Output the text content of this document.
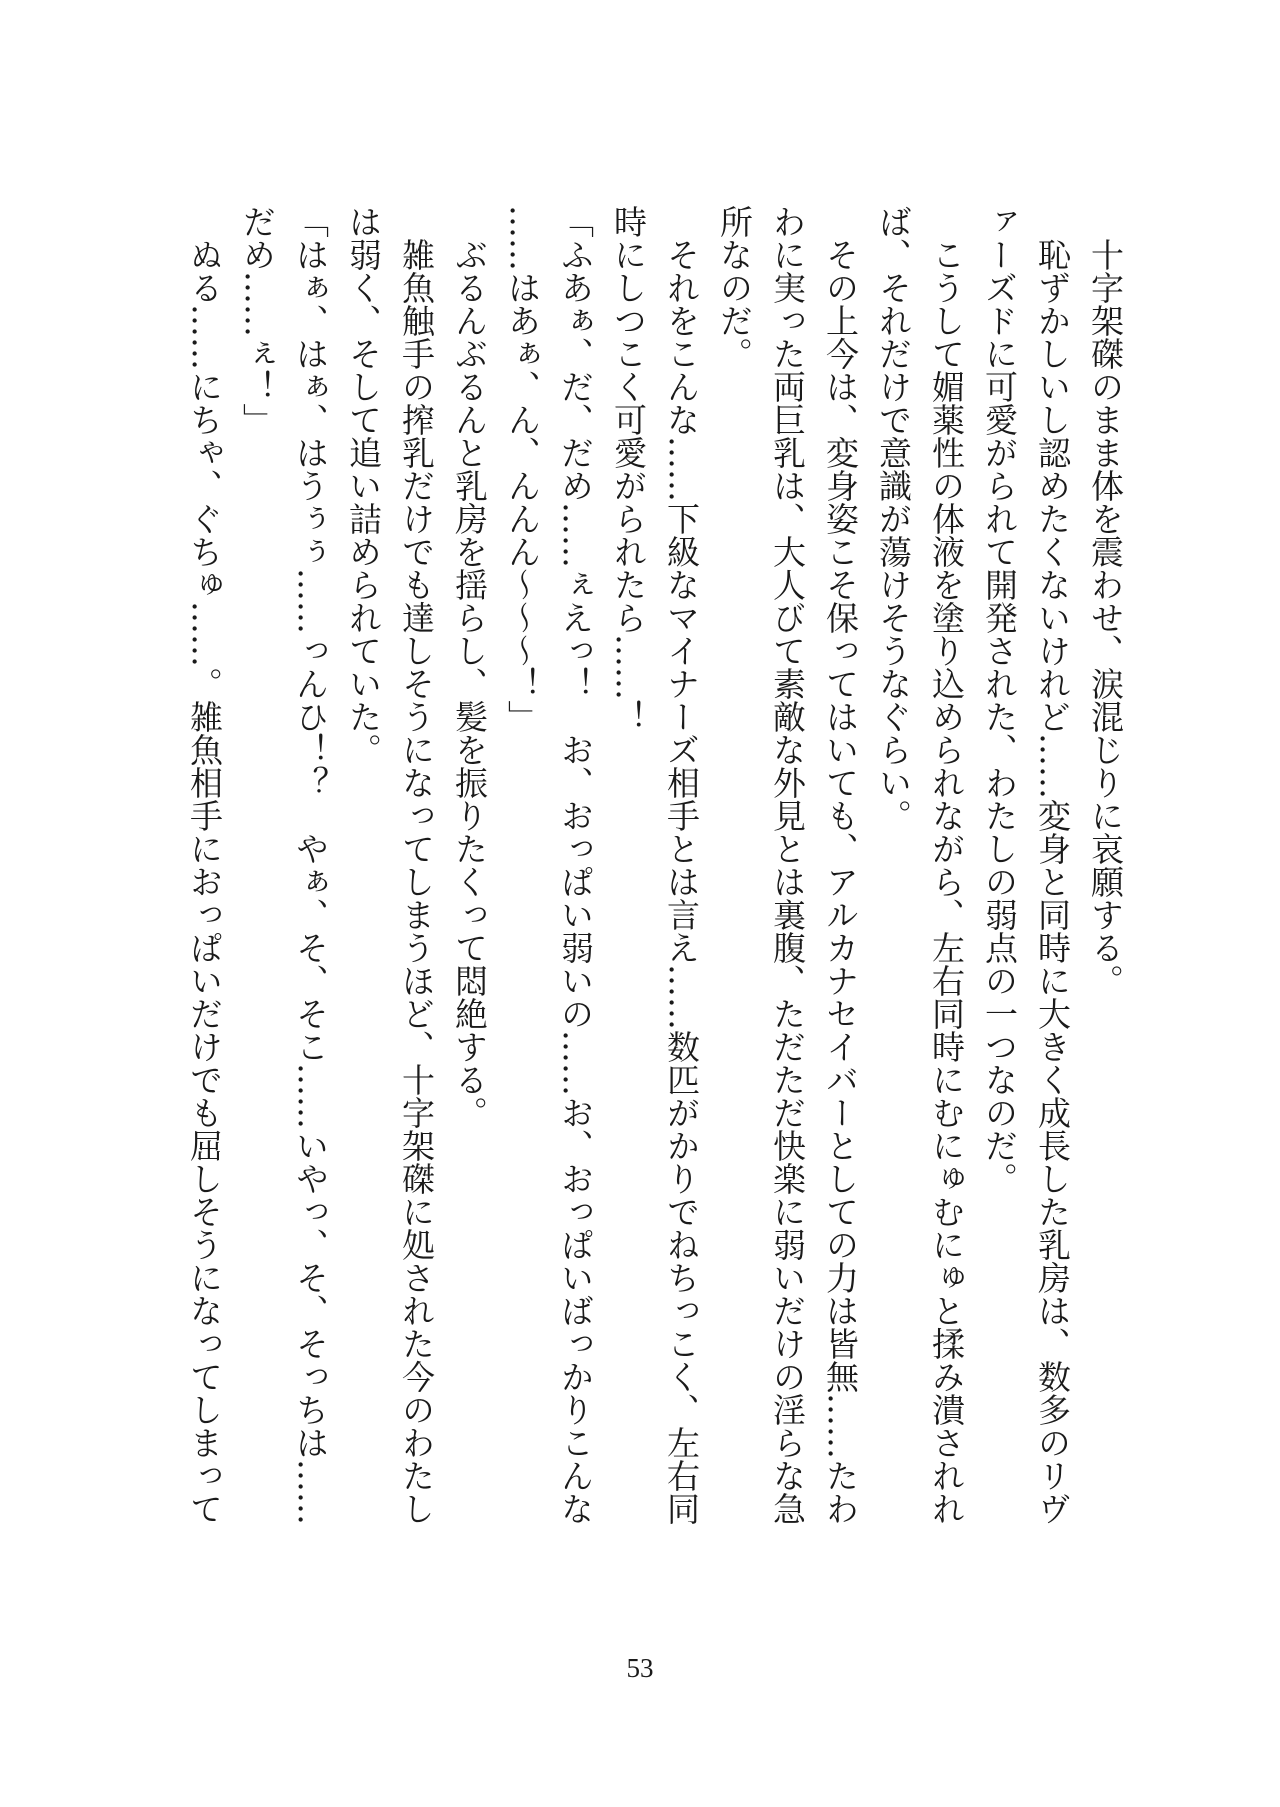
　十字架磔のまま体を震わせ、涙混じりに哀願する。

　恥ずかしいし認めたくないけれど……変身と同時に大きく成長した乳房は、数多のリヴ

ァーズドに可愛がられて開発された、わたしの弱点の一つなのだ。

　こうして媚薬性の体液を塗り込められながら、左右同時にむにゅむにゅと揉み潰されれ

ば、それだけで意識が蕩けそうなぐらい。

　その上今は、変身姿こそ保ってはいても、アルカナセイバーとしての力は皆無……たわ

わに実った両巨乳は、大人びて素敵な外見とは裏腹、ただただ快楽に弱いだけの淫らな急

所なのだ。

　それをこんな……下級なマイナーズ相手とは言え……数匹がかりでねちっこく、左右同

時にしつこく可愛がられたら……！

「ふあぁ、だ、だめ……ぇえっ！　お、おっぱい弱いの……お、おっぱいばっかりこんな

……はあぁ、ん、んんん〜〜〜！」

　ぶるんぶるんと乳房を揺らし、髪を振りたくって悶絶する。

　雑魚触手の搾乳だけでも達しそうになってしまうほど、十字架磔に処された今のわたし

は弱く、そして追い詰められていた。

「はぁ、はぁ、はうぅぅ……っんひ！？　やぁ、そ、そこ……いやっ、そ、そっちは……

だめ……ぇ！」

　ぬる……にちゃ、ぐちゅ……。雑魚相手におっぱいだけでも屈しそうになってしまって

53
